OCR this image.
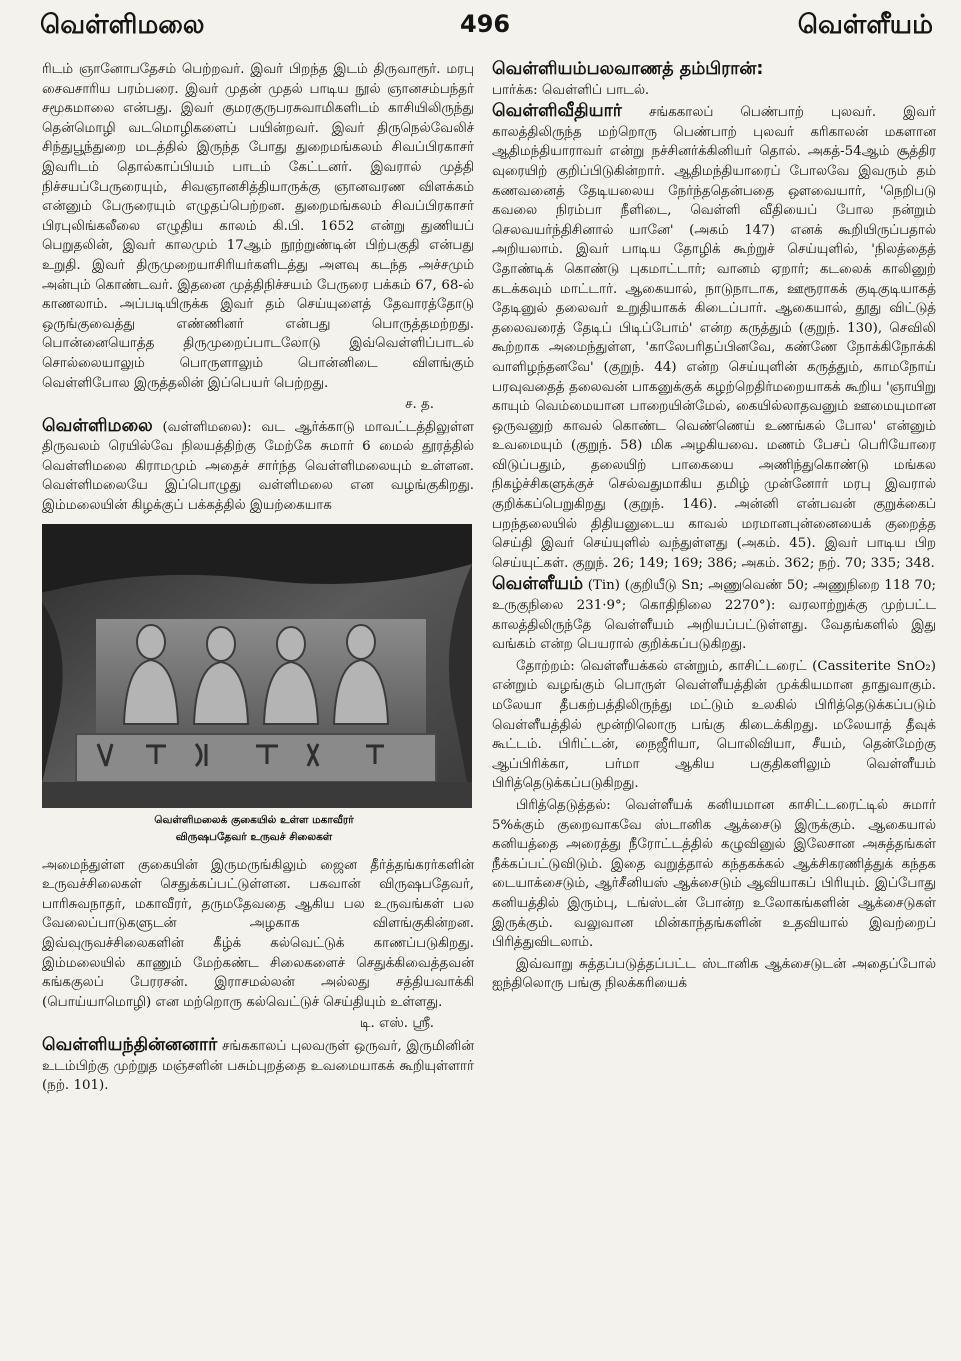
வெள்ளிமலை	496	வெள்ளீயம்

ரிடம் ஞானோபதேசம் பெற்றவர். இவர் பிறந்த இடம் திருவாரூர். மரபு சைவசாரிய பரம்பரை. இவர் முதன் முதல் பாடிய நூல் ஞானசம்பந்தர் சமூகமாலை என்பது. இவர் குமரகுருபரசுவாமிகளிடம் காசியிலிருந்து தென்மொழி வடமொழிகளைப் பயின்றவர். இவர் திருநெல்வேலிச் சிந்துபூந்துறை மடத்தில் இருந்த போது துறைமங்கலம் சிவப்பிரகாசர் இவரிடம் தொல்காப்பியம் பாடம் கேட்டனர். இவரால் முத்தி நிச்சயப்பேருரையும், சிவஞானசித்தியாருக்கு ஞானவரண விளக்கம் என்னும் பேருரையும் எழுதப்பெற்றன. துறைமங்கலம் சிவப்பிரகாசர் பிரபுலிங்கலீலை எழுதிய காலம் கி.பி. 1652 என்று துணியப் பெறுதலின், இவர் காலமும் 17ஆம் நூற்றுண்டின் பிற்பகுதி என்பது உறுதி. இவர் திருமுறையாசிரியர்களிடத்து அளவு கடந்த அச்சமும் அன்பும் கொண்டவர். இதனை முத்திநிச்சயம் பேருரை பக்கம் 67, 68-ல் காணலாம். அப்படியிருக்க இவர் தம் செய்யுளைத் தேவாரத்தோடு ஒருங்குவைத்து எண்ணினர் என்பது பொருத்தமற்றது. பொன்னையொத்த திருமுறைப்பாடலோடு இவ்வெள்ளிப்பாடல் சொல்லையாலும் பொருளாலும் பொன்னிடை விளங்கும் வெள்ளிபோல இருத்தலின் இப்பெயர் பெற்றது.

ச. த.

வெள்ளிமலை (வள்ளிமலை): வட ஆர்க்காடு மாவட்டத்திலுள்ள திருவலம் ரெயில்வே நிலயத்திற்கு மேற்கே சுமார் 6 மைல் தூரத்தில் வெள்ளிமலை கிராமமும் அதைச் சார்ந்த வெள்ளிமலையும் உள்ளன. வெள்ளிமலையே இப்பொழுது வள்ளிமலை என வழங்குகிறது. இம்மலையின் கிழக்குப் பக்கத்தில் இயற்கையாக

வெள்ளிமலைக் குகையில் உள்ள மகாவீரர்
விருஷபதேவர் உருவச் சிலைகள்

அமைந்துள்ள குகையின் இருமருங்கிலும் ஜைன தீர்த்தங்கரர்களின் உருவச்சிலைகள் செதுக்கப்பட்டுள்ளன. பகவான் விருஷபதேவர், பாரிசுவநாதர், மகாவீரர், தருமதேவதை ஆகிய பல உருவங்கள் பல வேலைப்பாடுகளுடன் அழகாக விளங்குகின்றன. இவ்வுருவச்சிலைகளின் கீழ்க் கல்வெட்டுக் காணப்படுகிறது. இம்மலையில் காணும் மேற்கண்ட சிலைகளைச் செதுக்கிவைத்தவன் கங்ககுலப் பேரரசன். இராசமல்லன் அல்லது சத்தியவாக்கி (பொய்யாமொழி) என மற்றொரு கல்வெட்டுச் செய்தியும் உள்ளது.

டி. எஸ். ஸ்ரீ.

வெள்ளியந்தின்னனார் சங்ககாலப் புலவருள் ஒருவர், இருமினின் உடம்பிற்கு முற்றுத மஞ்சளின் பசும்புறத்தை உவமையாகக் கூறியுள்ளார் (நற். 101).

வெள்ளியம்பலவாணத் தம்பிரான்:
பார்க்க: வெள்ளிப் பாடல்.

வெள்ளிவீதியார் சங்ககாலப் பெண்பாற் புலவர். இவர் காலத்திலிருந்த மற்றொரு பெண்பாற் புலவர் கரிகாலன் மகளான ஆதிமந்தியாராவர் என்று நச்சினர்க்கினியர் தொல். அகத்-54ஆம் சூத்திர வுரையிற் குறிப்பிடுகின்றார். ஆதிமந்தியாரைப் போலவே இவரும் தம் கணவனைத் தேடியலைய நேர்ந்ததென்பதை ஔவையார், 'நெறிபடு கவலை நிரம்பா நீளிடை, வெள்ளி வீதியைப் போல நன்றும் செலவயர்ந்திசினால் யானே' (அகம் 147) எனக் கூறியிருப்பதால் அறியலாம். இவர் பாடிய தோழிக் கூற்றுச் செய்யுளில், 'நிலத்தைத் தோண்டிக் கொண்டு புகமாட்டார்; வானம் ஏறார்; கடலைக் காலினுற் கடக்கவும் மாட்டார். ஆகையால், நாடுநாடாக, ஊரூராகக் குடிகுடியாகத் தேடினுல் தலைவர் உறுதியாகக் கிடைப்பார். ஆகையால், தூது விட்டுத் தலைவரைத் தேடிப் பிடிப்போம்' என்ற கருத்தும் (குறுந். 130), செவிலி கூற்றாக அமைந்துள்ள, 'காலேபரிதப்பினவே, கண்ணே நோக்கிநோக்கி வாளிழந்தனவே' (குறுந். 44) என்ற செய்யுளின் கருத்தும், காமநோய் பரவுவதைத் தலைவன் பாகனுக்குக் கழற்றெதிர்மறையாகக் கூறிய 'ஞாயிறு காயும் வெம்மையான பாறையின்மேல், கையில்லாதவனும் ஊமையுமான ஒருவனுற் காவல் கொண்ட வெண்ணெய் உணங்கல் போல' என்னும் உவமையும் (குறுந். 58) மிக அழகியவை. மணம் பேசப் பெரியோரை விடுப்பதும், தலையிற் பாகையை அணிந்துகொண்டு மங்கல நிகழ்ச்சிகளுக்குச் செல்வதுமாகிய தமிழ் முன்னோர் மரபு இவரால் குறிக்கப்பெறுகிறது (குறுந். 146). அன்னி என்பவன் குறுக்கைப் பறந்தலையில் திதியனுடைய காவல் மரமானபுன்னையைக் குறைத்த செய்தி இவர் செய்யுளில் வந்துள்ளது (அகம். 45). இவர் பாடிய பிற செய்யுட்கள். குறுந். 26; 149; 169; 386; அகம். 362; நற். 70; 335; 348.

வெள்ளீயம் (Tin) (குறியீடு Sn; அணுவெண் 50; அணுநிறை 118 70; உருகுநிலை 231·9°; கொதிநிலை 2270°): வரலாற்றுக்கு முற்பட்ட காலத்திலிருந்தே வெள்ளீயம் அறியப்பட்டுள்ளது. வேதங்களில் இது வங்கம் என்ற பெயரால் குறிக்கப்படுகிறது.

தோற்றம்: வெள்ளீயக்கல் என்றும், காசிட்டரைட் (Cassiterite SnO₂) என்றும் வழங்கும் பொருள் வெள்ளீயத்தின் முக்கியமான தாதுவாகும். மலேயா தீபகற்பத்திலிருந்து மட்டும் உலகில் பிரித்தெடுக்கப்படும் வெள்ளீயத்தில் மூன்றிலொரு பங்கு கிடைக்கிறது. மலேயாத் தீவுக் கூட்டம். பிரிட்டன், நைஜீரியா, பொலிவியா, சீயம், தென்மேற்கு ஆப்பிரிக்கா, பர்மா ஆகிய பகுதிகளிலும் வெள்ளீயம் பிரித்தெடுக்கப்படுகிறது.

பிரித்தெடுத்தல்: வெள்ளீயக் கனியமான காசிட்டரைட்டில் சுமார் 5%க்கும் குறைவாகவே ஸ்டானிக ஆக்சைடு இருக்கும். ஆகையால் கனியத்தை அரைத்து நீரோட்டத்தில் கழுவினுல் இலேசான அசுத்தங்கள் நீக்கப்பட்டுவிடும். இதை வறுத்தால் கந்தகக்கல் ஆக்சிகரணித்துக் கந்தக டையாக்சைடும், ஆர்சீனியஸ் ஆக்சைடும் ஆவியாகப் பிரியும். இப்போது கனியத்தில் இரும்பு, டங்ஸ்டன் போன்ற உலோகங்களின் ஆக்சைடுகள் இருக்கும். வலுவான மின்காந்தங்களின் உதவியால் இவற்றைப் பிரித்துவிடலாம்.

இவ்வாறு சுத்தப்படுத்தப்பட்ட ஸ்டானிக ஆக்சைடுடன் அதைப்போல் ஐந்திலொரு பங்கு நிலக்கரியைக்
